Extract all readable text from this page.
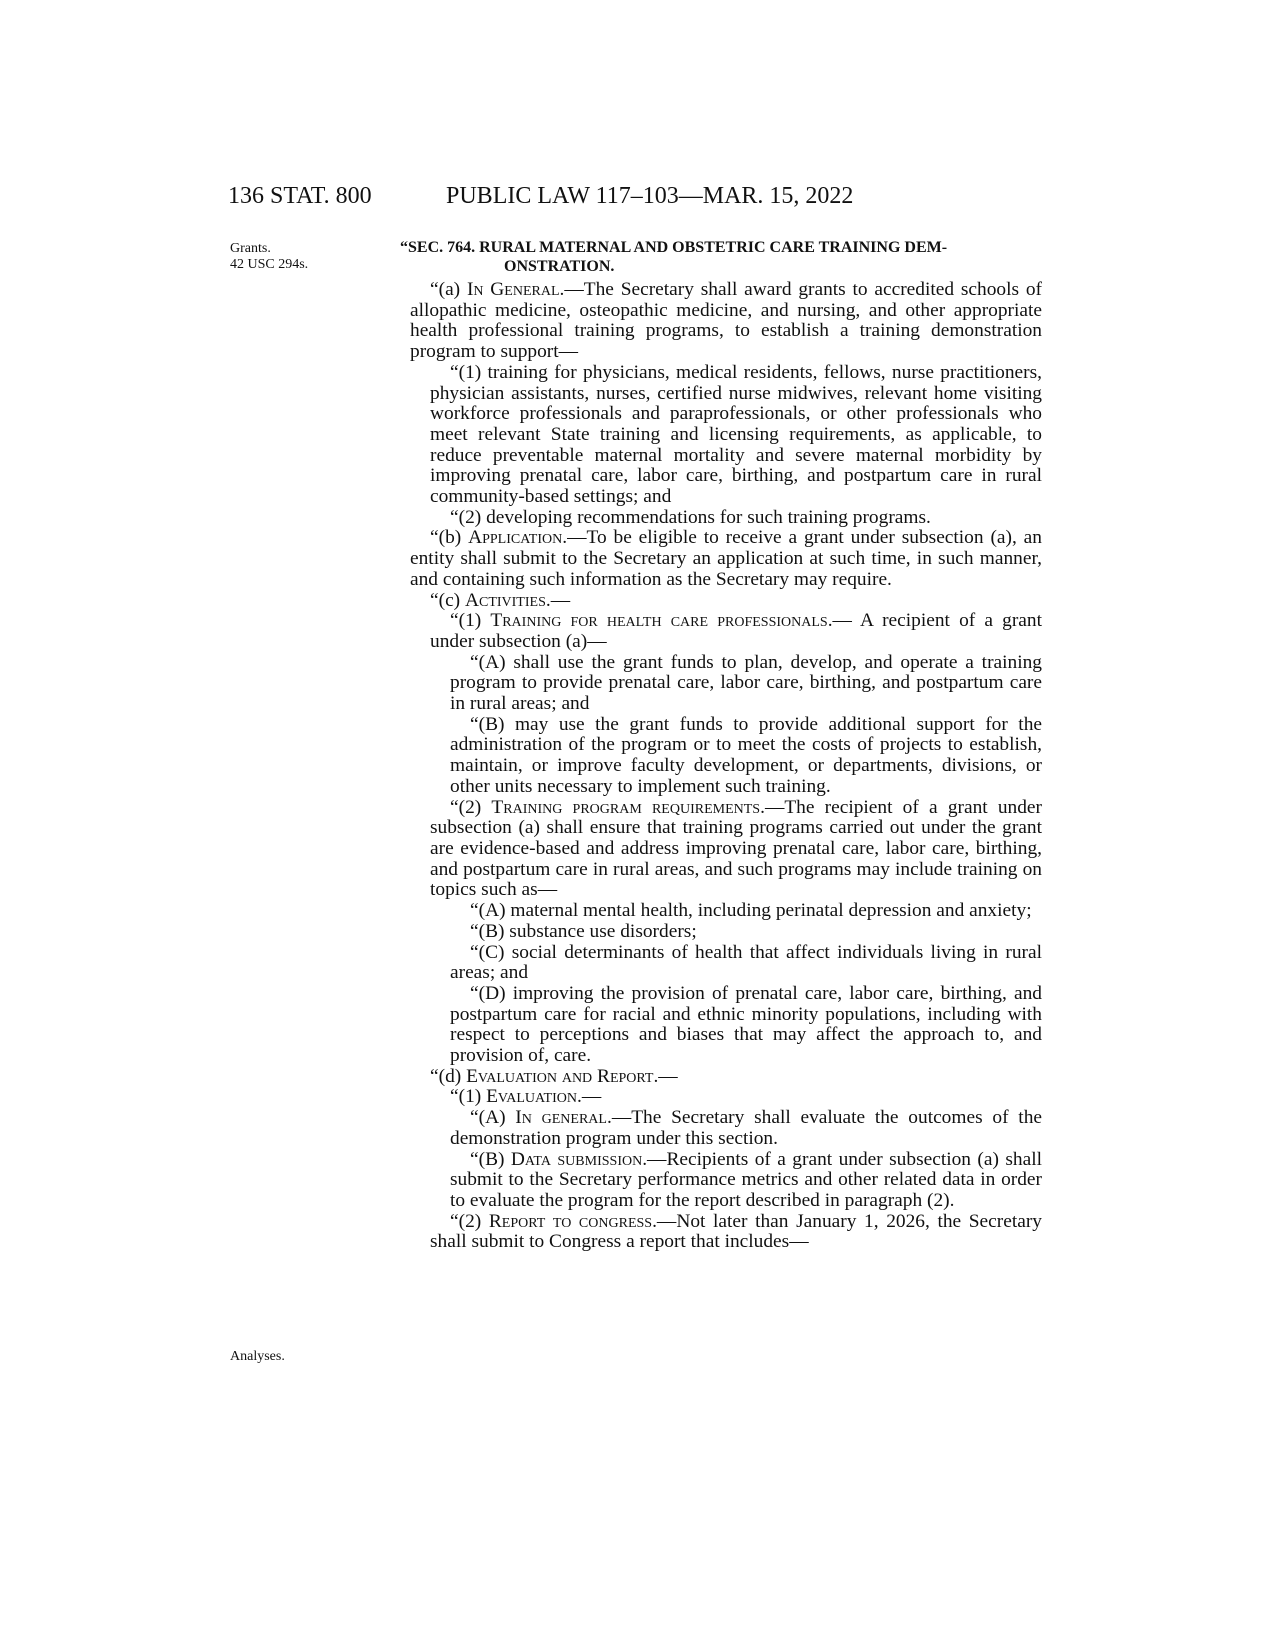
136 STAT. 800	PUBLIC LAW 117–103—MAR. 15, 2022
Grants.
42 USC 294s.
Analyses.
“SEC. 764. RURAL MATERNAL AND OBSTETRIC CARE TRAINING DEM-
ONSTRATION.

“(a) In General.—The Secretary shall award grants to accredited schools of allopathic medicine, osteopathic medicine, and nursing, and other appropriate health professional training programs, to establish a training demonstration program to support—

“(1) training for physicians, medical residents, fellows, nurse practitioners, physician assistants, nurses, certified nurse midwives, relevant home visiting workforce professionals and paraprofessionals, or other professionals who meet relevant State training and licensing requirements, as applicable, to reduce preventable maternal mortality and severe maternal morbidity by improving prenatal care, labor care, birthing, and postpartum care in rural community-based settings; and

“(2) developing recommendations for such training programs.

“(b) Application.—To be eligible to receive a grant under subsection (a), an entity shall submit to the Secretary an application at such time, in such manner, and containing such information as the Secretary may require.

“(c) Activities.—

“(1) Training for health care professionals.— A recipient of a grant under subsection (a)—

“(A) shall use the grant funds to plan, develop, and operate a training program to provide prenatal care, labor care, birthing, and postpartum care in rural areas; and

“(B) may use the grant funds to provide additional support for the administration of the program or to meet the costs of projects to establish, maintain, or improve faculty development, or departments, divisions, or other units necessary to implement such training.

“(2) Training program requirements.—The recipient of a grant under subsection (a) shall ensure that training programs carried out under the grant are evidence-based and address improving prenatal care, labor care, birthing, and postpartum care in rural areas, and such programs may include training on topics such as—

“(A) maternal mental health, including perinatal depression and anxiety;

“(B) substance use disorders;

“(C) social determinants of health that affect individuals living in rural areas; and

“(D) improving the provision of prenatal care, labor care, birthing, and postpartum care for racial and ethnic minority populations, including with respect to perceptions and biases that may affect the approach to, and provision of, care.

“(d) Evaluation and Report.—

“(1) Evaluation.—

“(A) In general.—The Secretary shall evaluate the outcomes of the demonstration program under this section.

“(B) Data submission.—Recipients of a grant under subsection (a) shall submit to the Secretary performance metrics and other related data in order to evaluate the program for the report described in paragraph (2).

“(2) Report to congress.—Not later than January 1, 2026, the Secretary shall submit to Congress a report that includes—
